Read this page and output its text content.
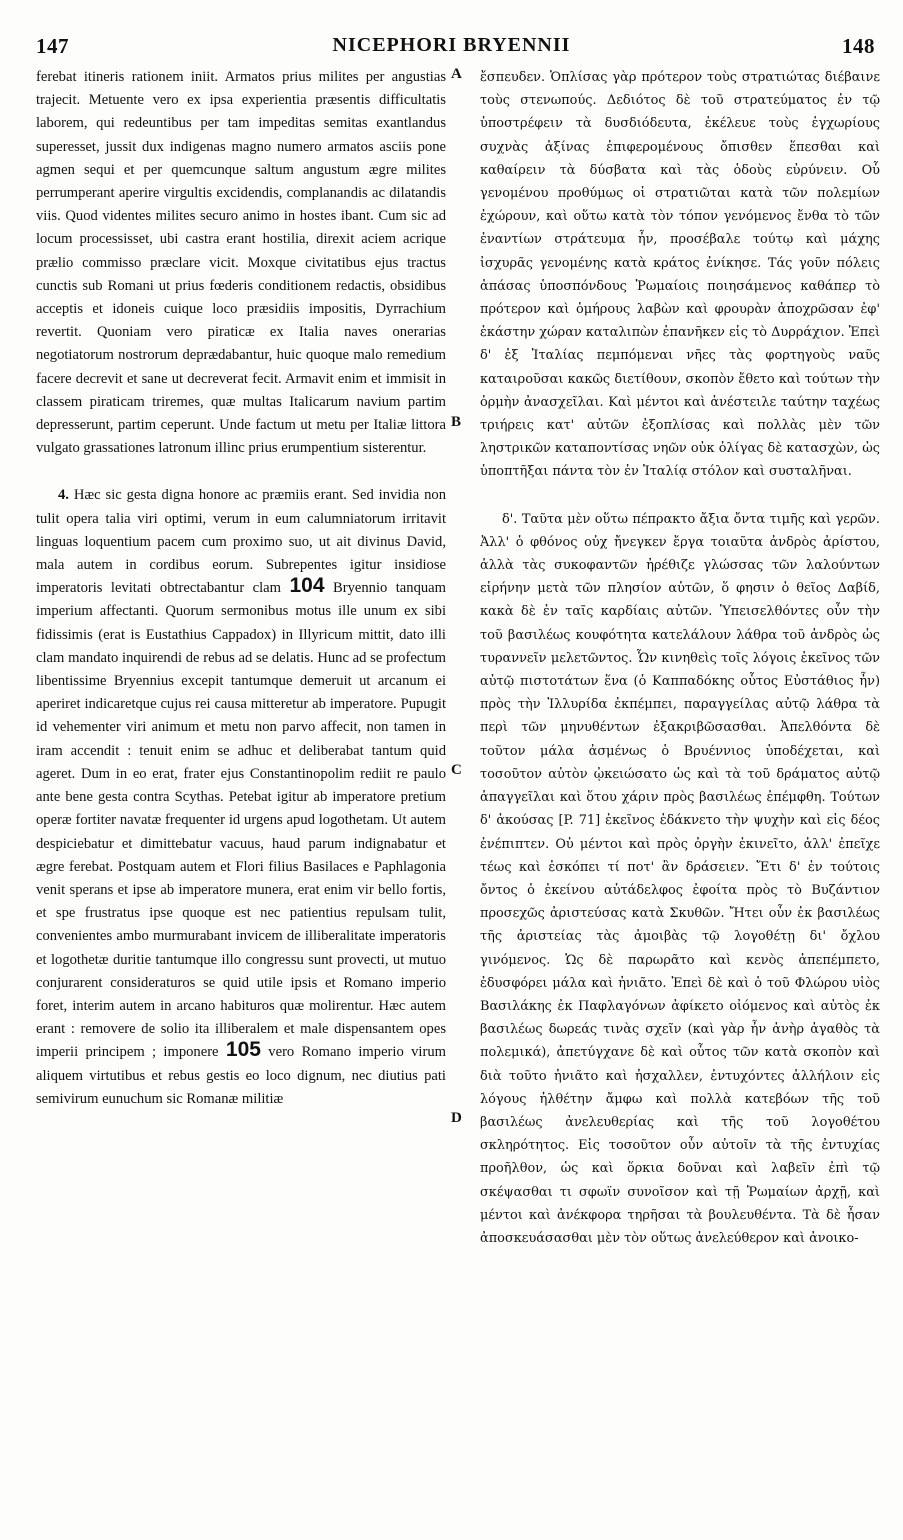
147	NICEPHORI BRYENNII	148
A
B
C
D

ferebat itineris rationem iniit. Armatos prius milites per angustias trajecit. Metuente vero ex ipsa experientia præsentis difficultatis laborem, qui redeuntibus per tam impeditas semitas exantlandus superesset, jussit dux indigenas magno numero armatos asciis pone agmen sequi et per quemcunque saltum angustum ægre milites perrumperant aperire virgultis excidendis, complanandis ac dilatandis viis. Quod videntes milites securo animo in hostes ibant. Cum sic ad locum processisset, ubi castra erant hostilia, direxit aciem acrique prælio commisso præclare vicit. Moxque civitatibus ejus tractus cunctis sub Romani ut prius fœderis conditionem redactis, obsidibus acceptis et idoneis cuique loco præsidiis impositis, Dyrrachium revertit. Quoniam vero piraticæ ex Italia naves onerarias negotiatorum nostrorum deprædabantur, huic quoque malo remedium facere decrevit et sane ut decreverat fecit. Armavit enim et immisit in classem piraticam triremes, quæ multas Italicarum navium partim depresserunt, partim ceperunt. Unde factum ut metu per Italiæ littora vulgato grassationes latronum illinc prius erumpentium sisterentur.

4. Hæc sic gesta digna honore ac præmiis erant. Sed invidia non tulit opera talia viri optimi, verum in eum calumniatorum irritavit linguas loquentium pacem cum proximo suo, ut ait divinus David, mala autem in cordibus eorum. Subrepentes igitur insidiose imperatoris levitati obtrectabantur clam 104 Bryennio tanquam imperium affectanti. Quorum sermonibus motus ille unum ex sibi fidissimis (erat is Eustathius Cappadox) in Illyricum mittit, dato illi clam mandato inquirendi de rebus ad se delatis. Hunc ad se profectum libentissime Bryennius excepit tantumque demeruit ut arcanum ei aperiret indicaretque cujus rei causa mitteretur ab imperatore. Pupugit id vehementer viri animum et metu non parvo affecit, non tamen in iram accendit : tenuit enim se adhuc et deliberabat tantum quid ageret. Dum in eo erat, frater ejus Constantinopolim rediit re paulo ante bene gesta contra Scythas. Petebat igitur ab imperatore pretium operæ fortiter navatæ frequenter id urgens apud logothetam. Ut autem despiciebatur et dimittebatur vacuus, haud parum indignabatur et ægre ferebat. Postquam autem et Flori filius Basilaces e Paphlagonia venit sperans et ipse ab imperatore munera, erat enim vir bello fortis, et spe frustratus ipse quoque est nec patientius repulsam tulit, convenientes ambo murmurabant invicem de illiberalitate imperatoris et logothetæ duritie tantumque illo congressu sunt provecti, ut mutuo conjurarent consideraturos se quid utile ipsis et Romano imperio foret, interim autem in arcano habituros quæ molirentur. Hæc autem erant : removere de solio ita illiberalem et male dispensantem opes imperii principem ; imponere 105 vero Romano imperio virum aliquem virtutibus et rebus gestis eo loco dignum, nec diutius pati semivirum eunuchum sic Romanæ militiæ

ἔσπευδεν. Ὁπλίσας γὰρ πρότερον τοὺς στρατιώτας διέβαινε τοὺς στενωπούς. Δεδιότος δὲ τοῦ στρατεύματος ἐν τῷ ὑποστρέφειν τὰ δυσδιόδευτα, ἐκέλευε τοὺς ἐγχωρίους συχνὰς ἀξίνας ἐπιφερομένους ὄπισθεν ἕπεσθαι καὶ καθαίρειν τὰ δύσβατα καὶ τὰς ὁδοὺς εὐρύνειν. Οὗ γενομένου προθύμως οἱ στρατιῶται κατὰ τῶν πολεμίων ἐχώρουν, καὶ οὕτω κατὰ τὸν τόπον γενόμενος ἔνθα τὸ τῶν ἐναντίων στράτευμα ἦν, προσέβαλε τούτῳ καὶ μάχης ἰσχυρᾶς γενομένης κατὰ κράτος ἐνίκησε. Τάς γοῦν πόλεις ἁπάσας ὑποσπόνδους Ῥωμαίοις ποιησάμενος καθάπερ τὸ πρότερον καὶ ὁμήρους λαβὼν καὶ φρουρὰν ἀποχρῶσαν ἐφ' ἑκάστην χώραν καταλιπὼν ἐπανῆκεν εἰς τὸ Δυρράχιον. Ἐπεὶ δ' ἐξ Ἰταλίας πεμπόμεναι νῆες τὰς φορτηγοὺς ναῦς καταιροῦσαι κακῶς διετίθουν, σκοπὸν ἔθετο καὶ τούτων τὴν ὁρμὴν ἀνασχεῖλαι. Καὶ μέντοι καὶ ἀνέστειλε ταύτην ταχέως τριήρεις κατ' αὐτῶν ἐξοπλίσας καὶ πολλὰς μὲν τῶν ληστρικῶν καταποντίσας νηῶν οὐκ ὀλίγας δὲ κατασχὼν, ὡς ὑποπτῆξαι πάντα τὸν ἐν Ἰταλίᾳ στόλον καὶ συσταλῆναι.

δ'. Ταῦτα μὲν οὕτω πέπρακτο ἄξια ὄντα τιμῆς καὶ γερῶν. Ἀλλ' ὁ φθόνος οὐχ ἤνεγκεν ἔργα τοιαῦτα ἀνδρὸς ἀρίστου, ἀλλὰ τὰς συκοφαντῶν ἠρέθιζε γλώσσας τῶν λαλούντων εἰρήνην μετὰ τῶν πλησίον αὐτῶν, ὅ φησιν ὁ θεῖος Δαβίδ, κακὰ δὲ ἐν ταῖς καρδίαις αὐτῶν. Ὑπεισελθόντες οὖν τὴν τοῦ βασιλέως κουφότητα κατελάλουν λάθρα τοῦ ἀνδρὸς ὡς τυραννεῖν μελετῶντος. Ὧν κινηθεὶς τοῖς λόγοις ἐκεῖνος τῶν αὐτῷ πιστοτάτων ἕνα (ὁ Καππαδόκης οὗτος Εὐστάθιος ἦν) πρὸς τὴν Ἰλλυρίδα ἐκπέμπει, παραγγείλας αὐτῷ λάθρα τὰ περὶ τῶν μηνυθέντων ἐξακριβῶσασθαι. Ἀπελθόντα δὲ τοῦτον μάλα ἀσμένως ὁ Βρυέννιος ὑποδέχεται, καὶ τοσοῦτον αὐτὸν ᾠκειώσατο ὡς καὶ τὰ τοῦ δράματος αὐτῷ ἀπαγγεῖλαι καὶ ὅτου χάριν πρὸς βασιλέως ἐπέμφθη. Τούτων δ' ἀκούσας [P. 71] ἐκεῖνος ἐδάκνετο τὴν ψυχὴν καὶ εἰς δέος ἐνέπιπτεν. Οὐ μέντοι καὶ πρὸς ὀργὴν ἐκινεῖτο, ἀλλ' ἐπεῖχε τέως καὶ ἐσκόπει τί ποτ' ἂν δράσειεν. Ἔτι δ' ἐν τούτοις ὄντος ὁ ἐκείνου αὐτάδελφος ἐφοίτα πρὸς τὸ Βυζάντιον προσεχῶς ἀριστεύσας κατὰ Σκυθῶν. Ἤτει οὖν ἐκ βασιλέως τῆς ἀριστείας τὰς ἀμοιβὰς τῷ λογοθέτῃ δι' ὄχλου γινόμενος. Ὡς δὲ παρωρᾶτο καὶ κενὸς ἀπεπέμπετο, ἐδυσφόρει μάλα καὶ ἠνιᾶτο. Ἐπεὶ δὲ καὶ ὁ τοῦ Φλώρου υἱὸς Βασιλάκης ἐκ Παφλαγόνων ἀφίκετο οἰόμενος καὶ αὐτὸς ἐκ βασιλέως δωρεάς τινὰς σχεῖν (καὶ γὰρ ἦν ἀνὴρ ἀγαθὸς τὰ πολεμικά), ἀπετύγχανε δὲ καὶ οὗτος τῶν κατὰ σκοπὸν καὶ διὰ τοῦτο ἠνιᾶτο καὶ ἠσχαλλεν, ἐντυχόντες ἀλλήλοιν εἰς λόγους ἠλθέτην ἄμφω καὶ πολλὰ κατεβόων τῆς τοῦ βασιλέως ἀνελευθερίας καὶ τῆς τοῦ λογοθέτου σκληρότητος. Εἰς τοσοῦτον οὖν αὐτοῖν τὰ τῆς ἐντυχίας προῆλθον, ὡς καὶ ὅρκια δοῦναι καὶ λαβεῖν ἐπὶ τῷ σκέψασθαι τι σφωϊν συνοῖσον καὶ τῇ Ῥωμαίων ἀρχῇ, καὶ μέντοι καὶ ἀνέκφορα τηρῆσαι τὰ βουλευθέντα. Τὰ δὲ ἦσαν ἀποσκευάσασθαι μὲν τὸν οὕτως ἀνελεύθερον καὶ ἀνοικο-
